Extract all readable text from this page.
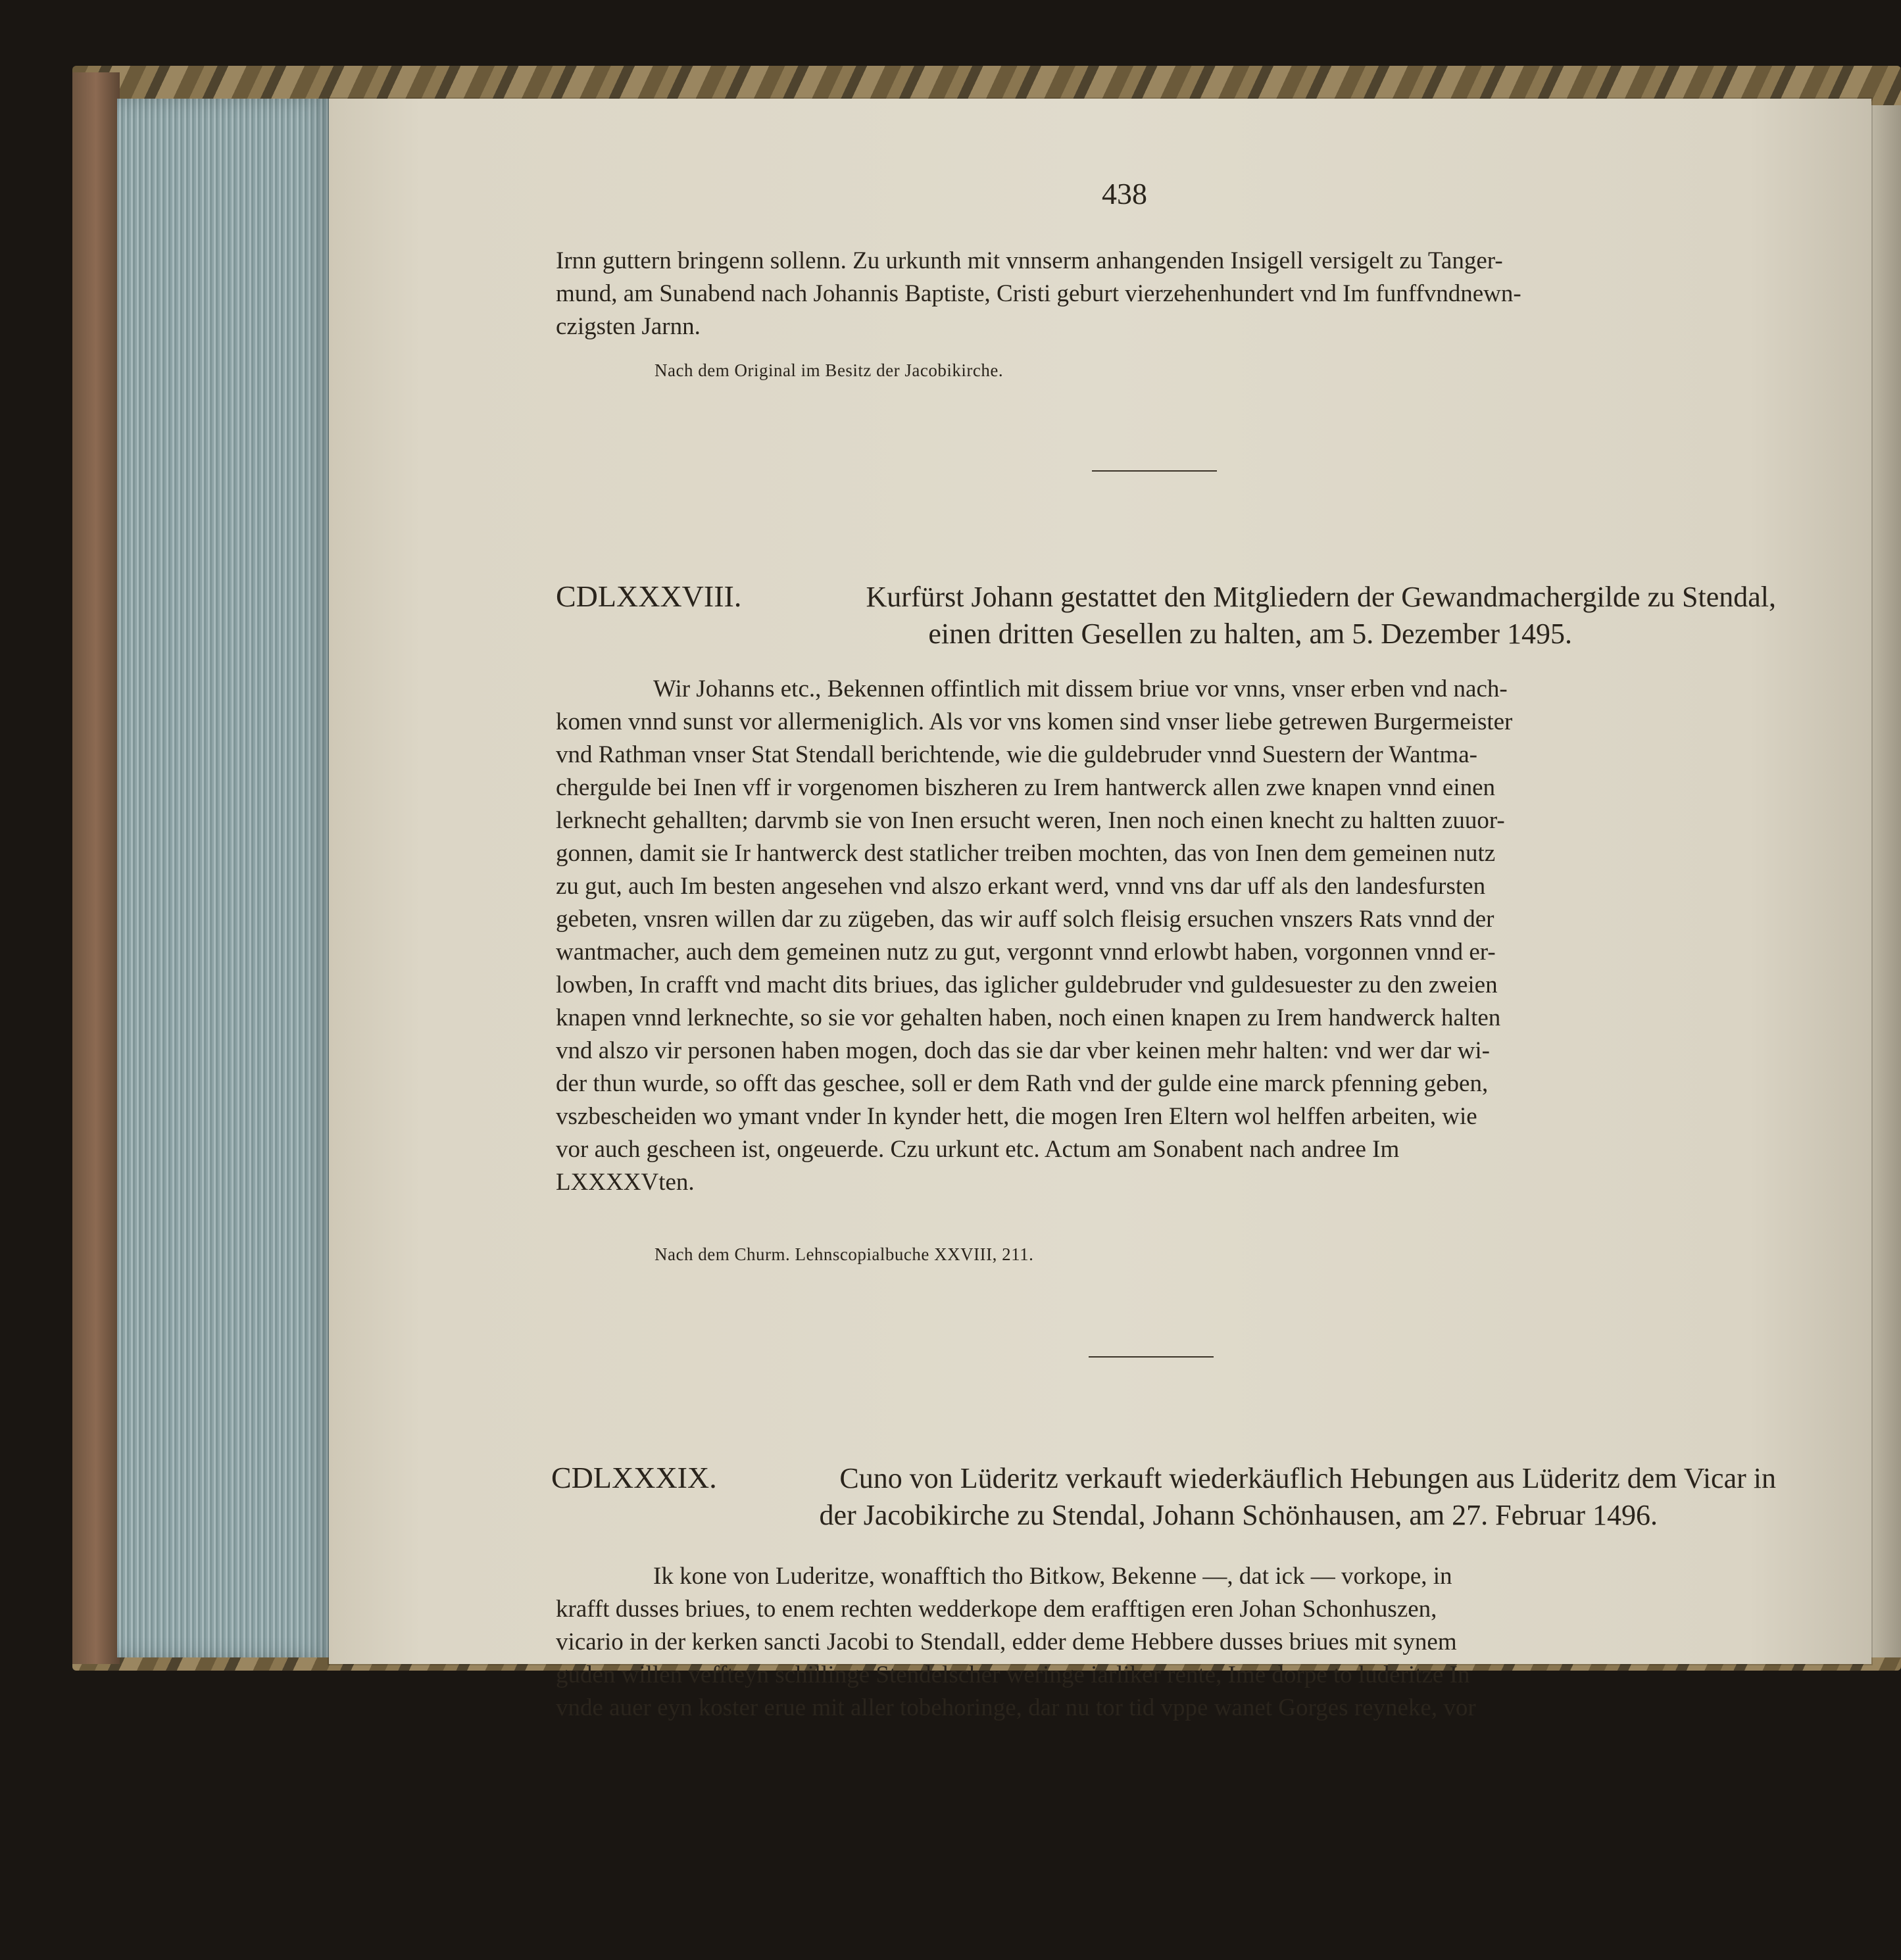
438
Irnn guttern bringenn sollenn. Zu urkunth mit vnnserm anhangenden Insigell versigelt zu Tanger-
mund, am Sunabend nach Johannis Baptiste, Cristi geburt vierzehenhundert vnd Im funffvndnewn-
czigsten Jarnn.
Nach dem Original im Besitz der Jacobikirche.
CDLXXXVIII.	Kurfürst Johann gestattet den Mitgliedern der Gewandmachergilde zu Stendal,
einen dritten Gesellen zu halten, am 5. Dezember 1495.
Wir Johanns etc., Bekennen offintlich mit dissem briue vor vnns, vnser erben vnd nach-
komen vnnd sunst vor allermeniglich. Als vor vns komen sind vnser liebe getrewen Burgermeister
vnd Rathman vnser Stat Stendall berichtende, wie die guldebruder vnnd Suestern der Wantma-
chergulde bei Inen vff ir vorgenomen biszheren zu Irem hantwerck allen zwe knapen vnnd einen
lerknecht gehallten; darvmb sie von Inen ersucht weren, Inen noch einen knecht zu haltten zuuor-
gonnen, damit sie Ir hantwerck dest statlicher treiben mochten, das von Inen dem gemeinen nutz
zu gut, auch Im besten angesehen vnd alszo erkant werd, vnnd vns dar uff als den landesfursten
gebeten, vnsren willen dar zu zügeben, das wir auff solch fleisig ersuchen vnszers Rats vnnd der
wantmacher, auch dem gemeinen nutz zu gut, vergonnt vnnd erlowbt haben, vorgonnen vnnd er-
lowben, In crafft vnd macht dits briues, das iglicher guldebruder vnd guldesuester zu den zweien
knapen vnnd lerknechte, so sie vor gehalten haben, noch einen knapen zu Irem handwerck halten
vnd alszo vir personen haben mogen, doch das sie dar vber keinen mehr halten: vnd wer dar wi-
der thun wurde, so offt das geschee, soll er dem Rath vnd der gulde eine marck pfenning geben,
vszbescheiden wo ymant vnder In kynder hett, die mogen Iren Eltern wol helffen arbeiten, wie
vor auch gescheen ist, ongeuerde. Czu urkunt etc. Actum am Sonabent nach andree Im
LXXXXVten.
Nach dem Churm. Lehnscopialbuche XXVIII, 211.
CDLXXXIX.	Cuno von Lüderitz verkauft wiederkäuflich Hebungen aus Lüderitz dem Vicar in
der Jacobikirche zu Stendal, Johann Schönhausen, am 27. Februar 1496.
Ik kone von Luderitze, wonafftich tho Bitkow, Bekenne —, dat ick — vorkope, in
krafft dusses briues, to enem rechten wedderkope dem erafftigen eren Johan Schonhuszen,
vicario in der kerken sancti Jacobi to Stendall, edder deme Hebbere dusses briues mit synem
guden willen veffteyn schillinge Stendelscher weringe iarliker rente, Ime dorpe to luderitze In
vnde auer eyn koster erue mit aller tobehoringe, dar nu tor tid vppe wanet Gorges reyneke, vor
